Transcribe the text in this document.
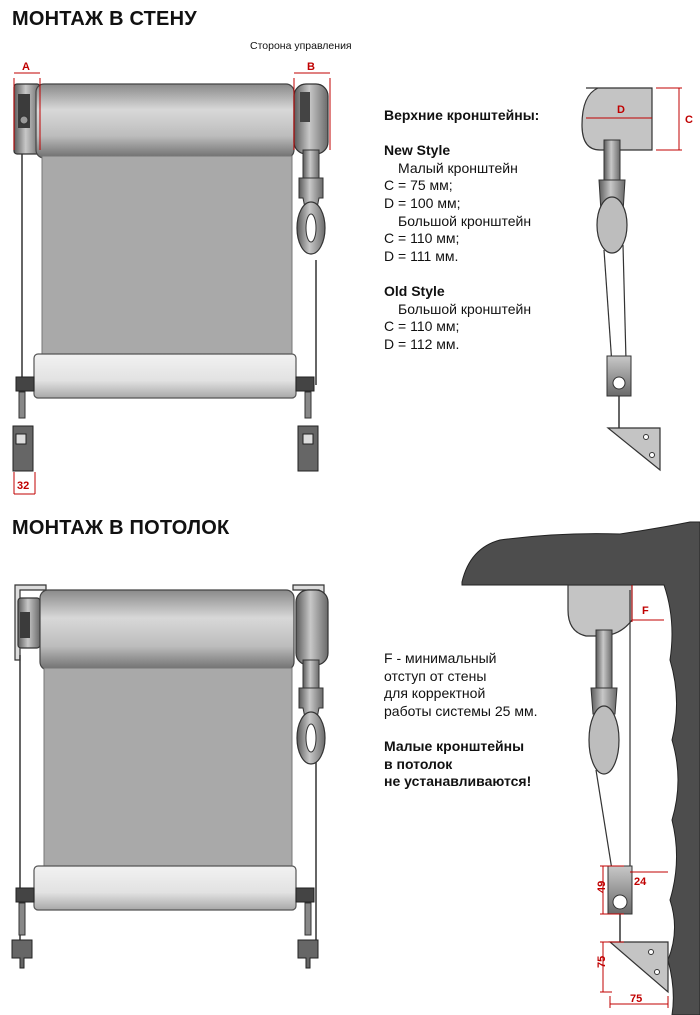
МОНТАЖ В СТЕНУ
Сторона управления
Верхние кронштейны:
New Style
Малый кронштейн
C = 75 мм;
D = 100 мм;
Большой кронштейн
C = 110 мм;
D = 111 мм.
Old Style
Большой кронштейн
C = 110 мм;
D = 112 мм.
МОНТАЖ В ПОТОЛОК
F - минимальный
отступ от стены
для корректной
работы системы 25 мм.
Малые кронштейны
в потолок
не устанавливаются!
A	B
32
D
C
F
24
49
75
75
